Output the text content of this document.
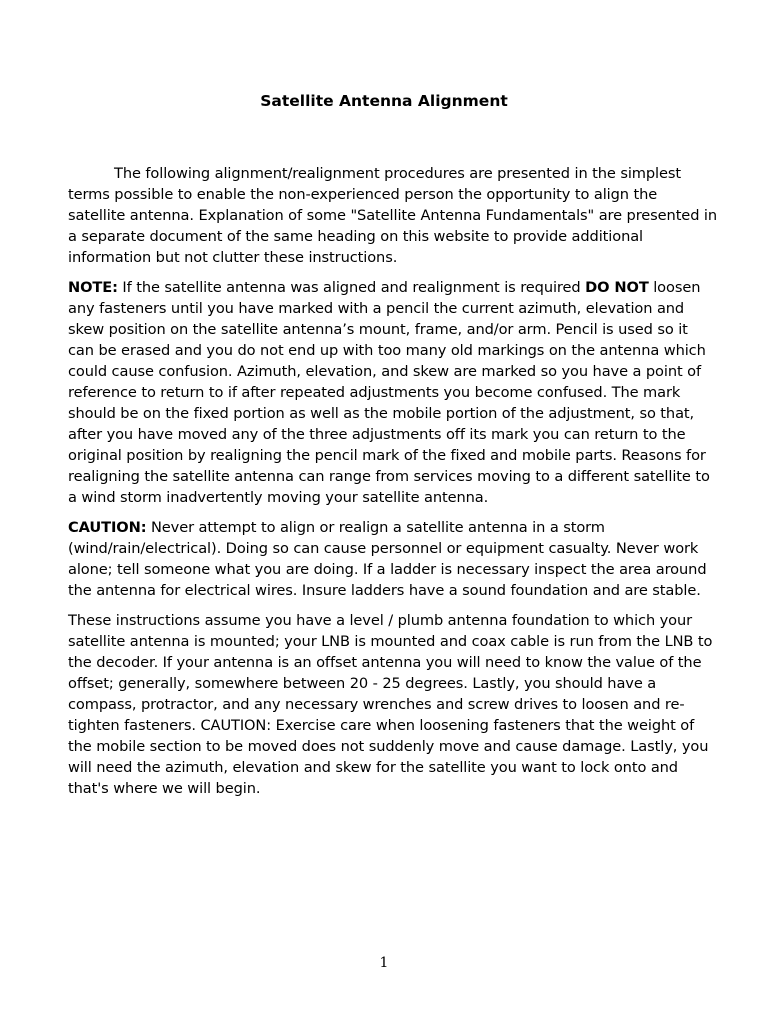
Satellite Antenna Alignment

The following alignment/realignment procedures are presented in the simplest terms possible to enable the non-experienced person the opportunity to align the satellite antenna. Explanation of some "Satellite Antenna Fundamentals" are presented in a separate document of the same heading on this website to provide additional information but not clutter these instructions.

NOTE: If the satellite antenna was aligned and realignment is required DO NOT loosen any fasteners until you have marked with a pencil the current azimuth, elevation and skew position on the satellite antenna’s mount, frame, and/or arm. Pencil is used so it can be erased and you do not end up with too many old markings on the antenna which could cause confusion. Azimuth, elevation, and skew are marked so you have a point of reference to return to if after repeated adjustments you become confused. The mark should be on the fixed portion as well as the mobile portion of the adjustment, so that, after you have moved any of the three adjustments off its mark you can return to the original position by realigning the pencil mark of the fixed and mobile parts. Reasons for realigning the satellite antenna can range from services moving to a different satellite to a wind storm inadvertently moving your satellite antenna.

CAUTION: Never attempt to align or realign a satellite antenna in a storm (wind/rain/electrical). Doing so can cause personnel or equipment casualty. Never work alone; tell someone what you are doing. If a ladder is necessary inspect the area around the antenna for electrical wires. Insure ladders have a sound foundation and are stable.

These instructions assume you have a level / plumb antenna foundation to which your satellite antenna is mounted; your LNB is mounted and coax cable is run from the LNB to the decoder. If your antenna is an offset antenna you will need to know the value of the offset; generally, somewhere between 20 - 25 degrees. Lastly, you should have a compass, protractor, and any necessary wrenches and screw drives to loosen and re-tighten fasteners. CAUTION: Exercise care when loosening fasteners that the weight of the mobile section to be moved does not suddenly move and cause damage. Lastly, you will need the azimuth, elevation and skew for the satellite you want to lock onto and that's where we will begin.

1
